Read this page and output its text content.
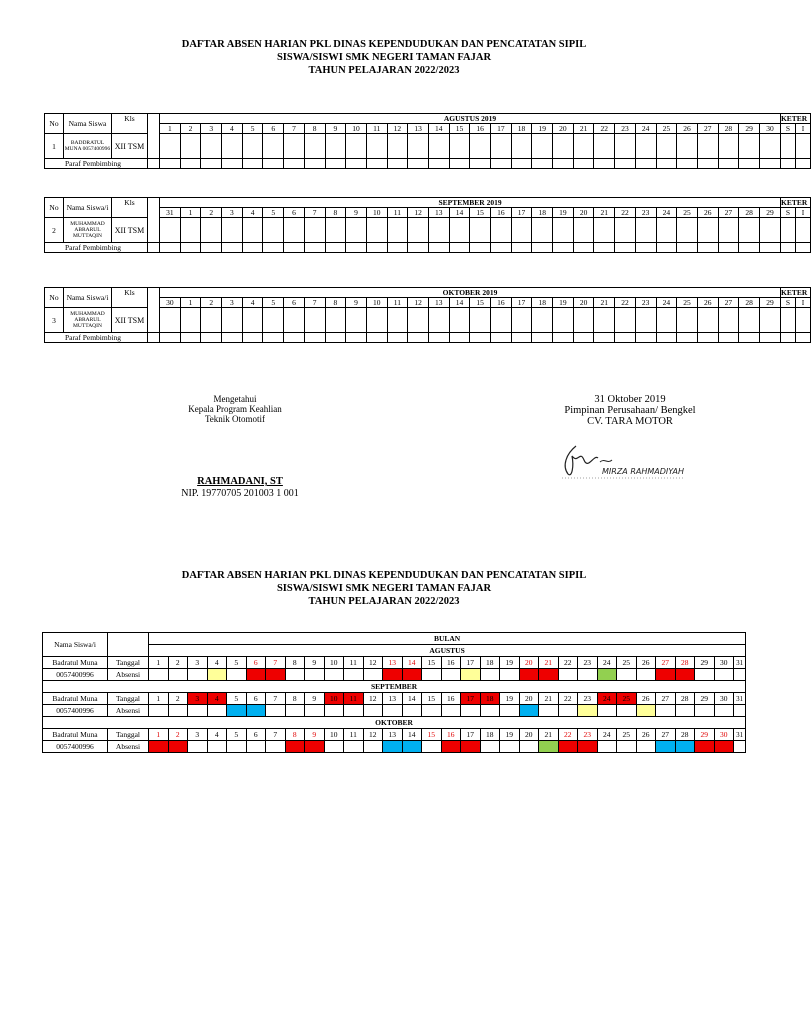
DAFTAR ABSEN HARIAN PKL DINAS KEPENDUDUKAN DAN PENCATATAN SIPIL
SISWA/SISWI SMK NEGERI TAMAN FAJAR
TAHUN PELAJARAN 2022/2023
No	Nama Siswa	Kls		AGUSTUS 2019																														KETER	
				1	2	3	4	5	6	7	8	9	10	11	12	13	14	15	16	17	18	19	20	21	22	23	24	25	26	27	28	29	30	S	I
1	BADDRATUL MUNA 0057400996	XII TSM																																	
Paraf Pembimbing																																			
No	Nama Siswa/i	Kls		SEPTEMBER 2019																														KETER	
				31	1	2	3	4	5	6	7	8	9	10	11	12	13	14	15	16	17	18	19	20	21	22	23	24	25	26	27	28	29	S	I
2	MUHAMMAD ABRARUL MUTTAQIN	XII TSM																																	
Paraf Pembimbing																																			
No	Nama Siswa/i	Kls		OKTOBER 2019																														KETER	
				30	1	2	3	4	5	6	7	8	9	10	11	12	13	14	15	16	17	18	19	20	21	22	23	24	25	26	27	28	29	S	I
3	MUHAMMAD ABRARUL MUTTAQIN	XII TSM																																	
Paraf Pembimbing																																			
Mengetahui
Kepala Program Keahlian
Teknik Otomotif
RAHMADANI, ST
NIP. 19770705 201003 1 001
31 Oktober 2019
Pimpinan Perusahaan/ Bengkel
CV. TARA MOTOR
MIRZA RAHMADIYAH
DAFTAR ABSEN HARIAN PKL DINAS KEPENDUDUKAN DAN PENCATATAN SIPIL
SISWA/SISWI SMK NEGERI TAMAN FAJAR
TAHUN PELAJARAN 2022/2023
Nama Siswa/i		BULAN																														
		AGUSTUS																														
Badratul Muna	Tanggal	1	2	3	4	5	6	7	8	9	10	11	12	13	14	15	16	17	18	19	20	21	22	23	24	25	26	27	28	29	30	31
0057400996	Absensi																															
SEPTEMBER																																
Badratul Muna	Tanggal	1	2	3	4	5	6	7	8	9	10	11	12	13	14	15	16	17	18	19	20	21	22	23	24	25	26	27	28	29	30	31
0057400996	Absensi																															
OKTOBER																																
Badratul Muna	Tanggal	1	2	3	4	5	6	7	8	9	10	11	12	13	14	15	16	17	18	19	20	21	22	23	24	25	26	27	28	29	30	31
0057400996	Absensi																															
